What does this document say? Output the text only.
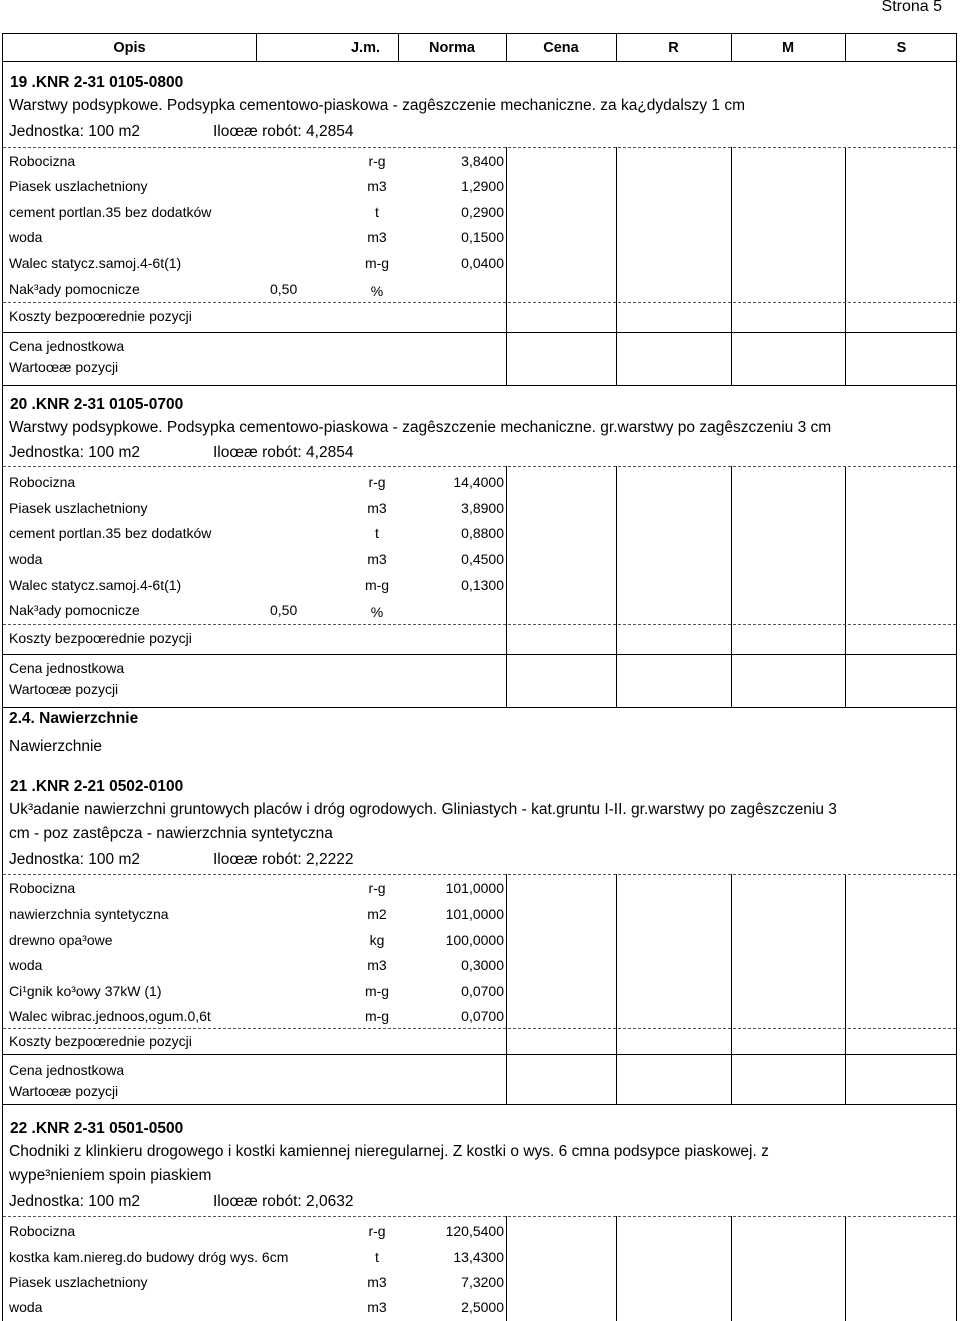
Strona 5
Opis	J.m.	Norma	Cena	R	M	S
19 .KNR 2-31 0105-0800
Warstwy podsypkowe. Podsypka cementowo-piaskowa - zagêszczenie mechaniczne. za ka¿dydalszy 1 cm
Jednostka: 100 m2	Iloœæ robót: 4,2854
Robocizna	r-g	3,8400
Piasek uszlachetniony	m3	1,2900
cement portlan.35 bez dodatków	t	0,2900
woda	m3	0,1500
Walec statycz.samoj.4-6t(1)	m-g	0,0400
Nak³ady pomocnicze	0,50	%
Koszty bezpoœrednie pozycji
Cena jednostkowa
Wartoœæ pozycji
20 .KNR 2-31 0105-0700
Warstwy podsypkowe. Podsypka cementowo-piaskowa - zagêszczenie mechaniczne. gr.warstwy po zagêszczeniu 3 cm
Jednostka: 100 m2	Iloœæ robót: 4,2854
Robocizna	r-g	14,4000
Piasek uszlachetniony	m3	3,8900
cement portlan.35 bez dodatków	t	0,8800
woda	m3	0,4500
Walec statycz.samoj.4-6t(1)	m-g	0,1300
Nak³ady pomocnicze	0,50	%
Koszty bezpoœrednie pozycji
Cena jednostkowa
Wartoœæ pozycji
2.4. Nawierzchnie
Nawierzchnie
21 .KNR 2-21 0502-0100
Uk³adanie nawierzchni gruntowych placów i dróg ogrodowych. Gliniastych - kat.gruntu I-II. gr.warstwy po zagêszczeniu 3
cm - poz zastêpcza - nawierzchnia syntetyczna
Jednostka: 100 m2	Iloœæ robót: 2,2222
Robocizna	r-g	101,0000
nawierzchnia syntetyczna	m2	101,0000
drewno opa³owe	kg	100,0000
woda	m3	0,3000
Ci¹gnik ko³owy 37kW (1)	m-g	0,0700
Walec wibrac.jednoos,ogum.0,6t	m-g	0,0700
Koszty bezpoœrednie pozycji
Cena jednostkowa
Wartoœæ pozycji
22 .KNR 2-31 0501-0500
Chodniki z klinkieru drogowego i kostki kamiennej nieregularnej. Z kostki o wys. 6 cmna podsypce piaskowej. z
wype³nieniem spoin piaskiem
Jednostka: 100 m2	Iloœæ robót: 2,0632
Robocizna	r-g	120,5400
kostka kam.niereg.do budowy dróg wys. 6cm	t	13,4300
Piasek uszlachetniony	m3	7,3200
woda	m3	2,5000
